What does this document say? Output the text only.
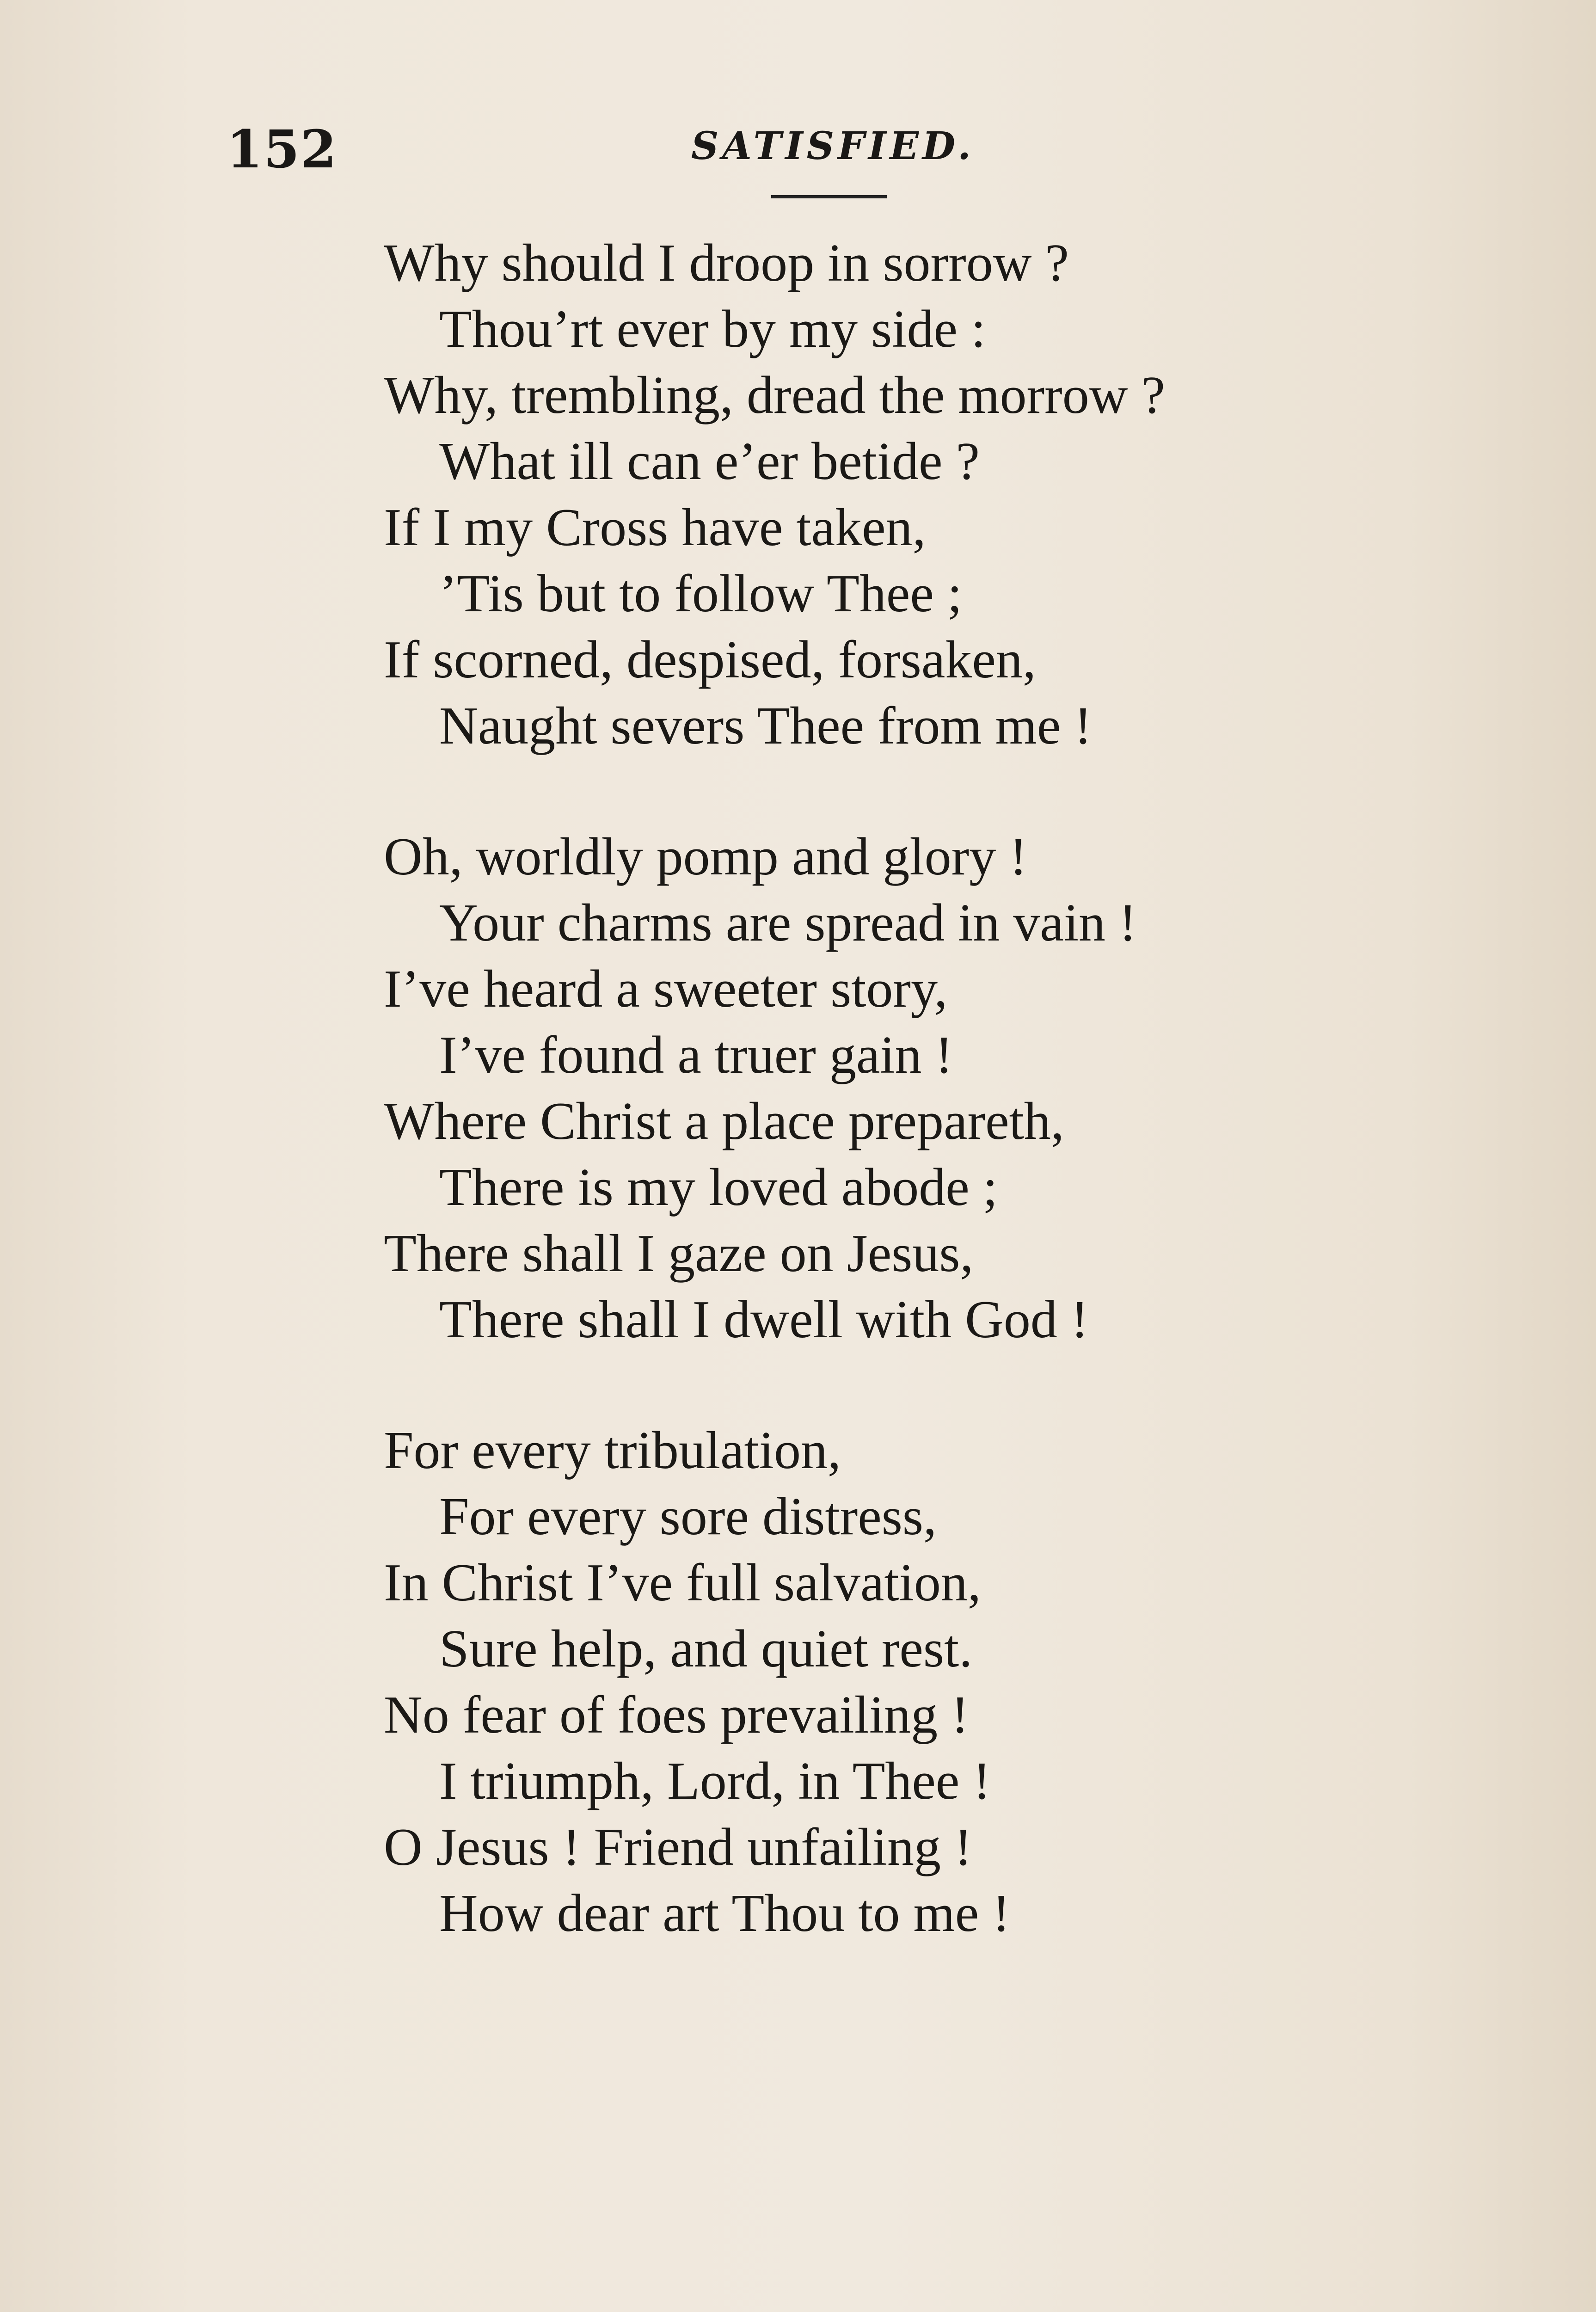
152	SATISFIED.
Why should I droop in sorrow ?
Thou’rt ever by my side :
Why, trembling, dread the morrow ?
What ill can e’er betide ?
If I my Cross have taken,
’Tis but to follow Thee ;
If scorned, despised, forsaken,
Naught severs Thee from me !
Oh, worldly pomp and glory !
Your charms are spread in vain !
I’ve heard a sweeter story,
I’ve found a truer gain !
Where Christ a place prepareth,
There is my loved abode ;
There shall I gaze on Jesus,
There shall I dwell with God !
For every tribulation,
For every sore distress,
In Christ I’ve full salvation,
Sure help, and quiet rest.
No fear of foes prevailing !
I triumph, Lord, in Thee !
O Jesus ! Friend unfailing !
How dear art Thou to me !
